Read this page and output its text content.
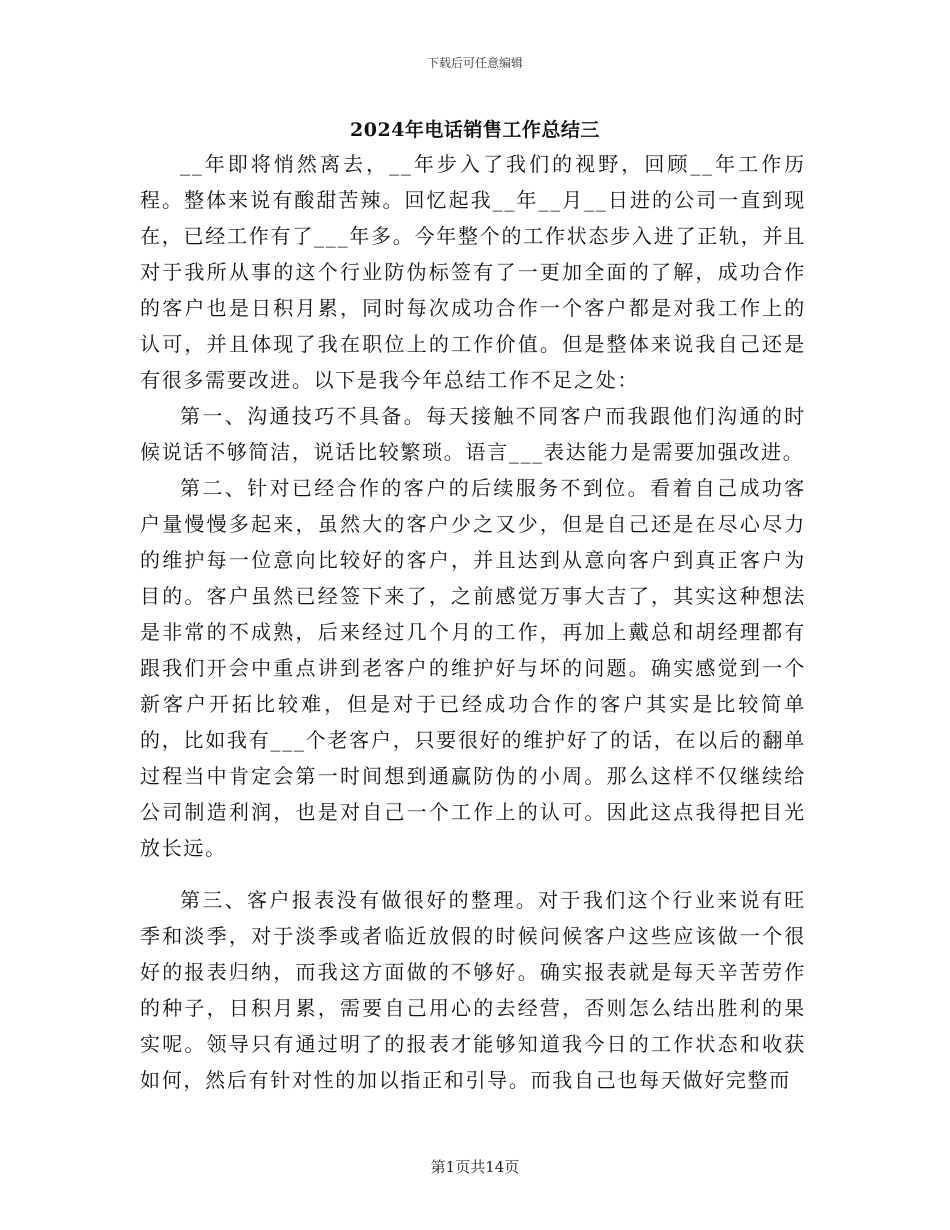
下载后可任意编辑
2024年电话销售工作总结三

__年即将悄然离去，__年步入了我们的视野，回顾__年工作历程。整体来说有酸甜苦辣。回忆起我__年__月__日进的公司一直到现在，已经工作有了___年多。今年整个的工作状态步入进了正轨，并且对于我所从事的这个行业防伪标签有了一更加全面的了解，成功合作的客户也是日积月累，同时每次成功合作一个客户都是对我工作上的认可，并且体现了我在职位上的工作价值。但是整体来说我自己还是有很多需要改进。以下是我今年总结工作不足之处：

第一、沟通技巧不具备。每天接触不同客户而我跟他们沟通的时候说话不够简洁，说话比较繁琐。语言___表达能力是需要加强改进。

第二、针对已经合作的客户的后续服务不到位。看着自己成功客户量慢慢多起来，虽然大的客户少之又少，但是自己还是在尽心尽力的维护每一位意向比较好的客户，并且达到从意向客户到真正客户为目的。客户虽然已经签下来了，之前感觉万事大吉了，其实这种想法是非常的不成熟，后来经过几个月的工作，再加上戴总和胡经理都有跟我们开会中重点讲到老客户的维护好与坏的问题。确实感觉到一个新客户开拓比较难，但是对于已经成功合作的客户其实是比较简单的，比如我有___个老客户，只要很好的维护好了的话，在以后的翻单过程当中肯定会第一时间想到通赢防伪的小周。那么这样不仅继续给公司制造利润，也是对自己一个工作上的认可。因此这点我得把目光放长远。

第三、客户报表没有做很好的整理。对于我们这个行业来说有旺季和淡季，对于淡季或者临近放假的时候问候客户这些应该做一个很好的报表归纳，而我这方面做的不够好。确实报表就是每天辛苦劳作的种子，日积月累，需要自己用心的去经营，否则怎么结出胜利的果实呢。领导只有通过明了的报表才能够知道我今日的工作状态和收获如何，然后有针对性的加以指正和引导。而我自己也每天做好完整而

第1页共14页
